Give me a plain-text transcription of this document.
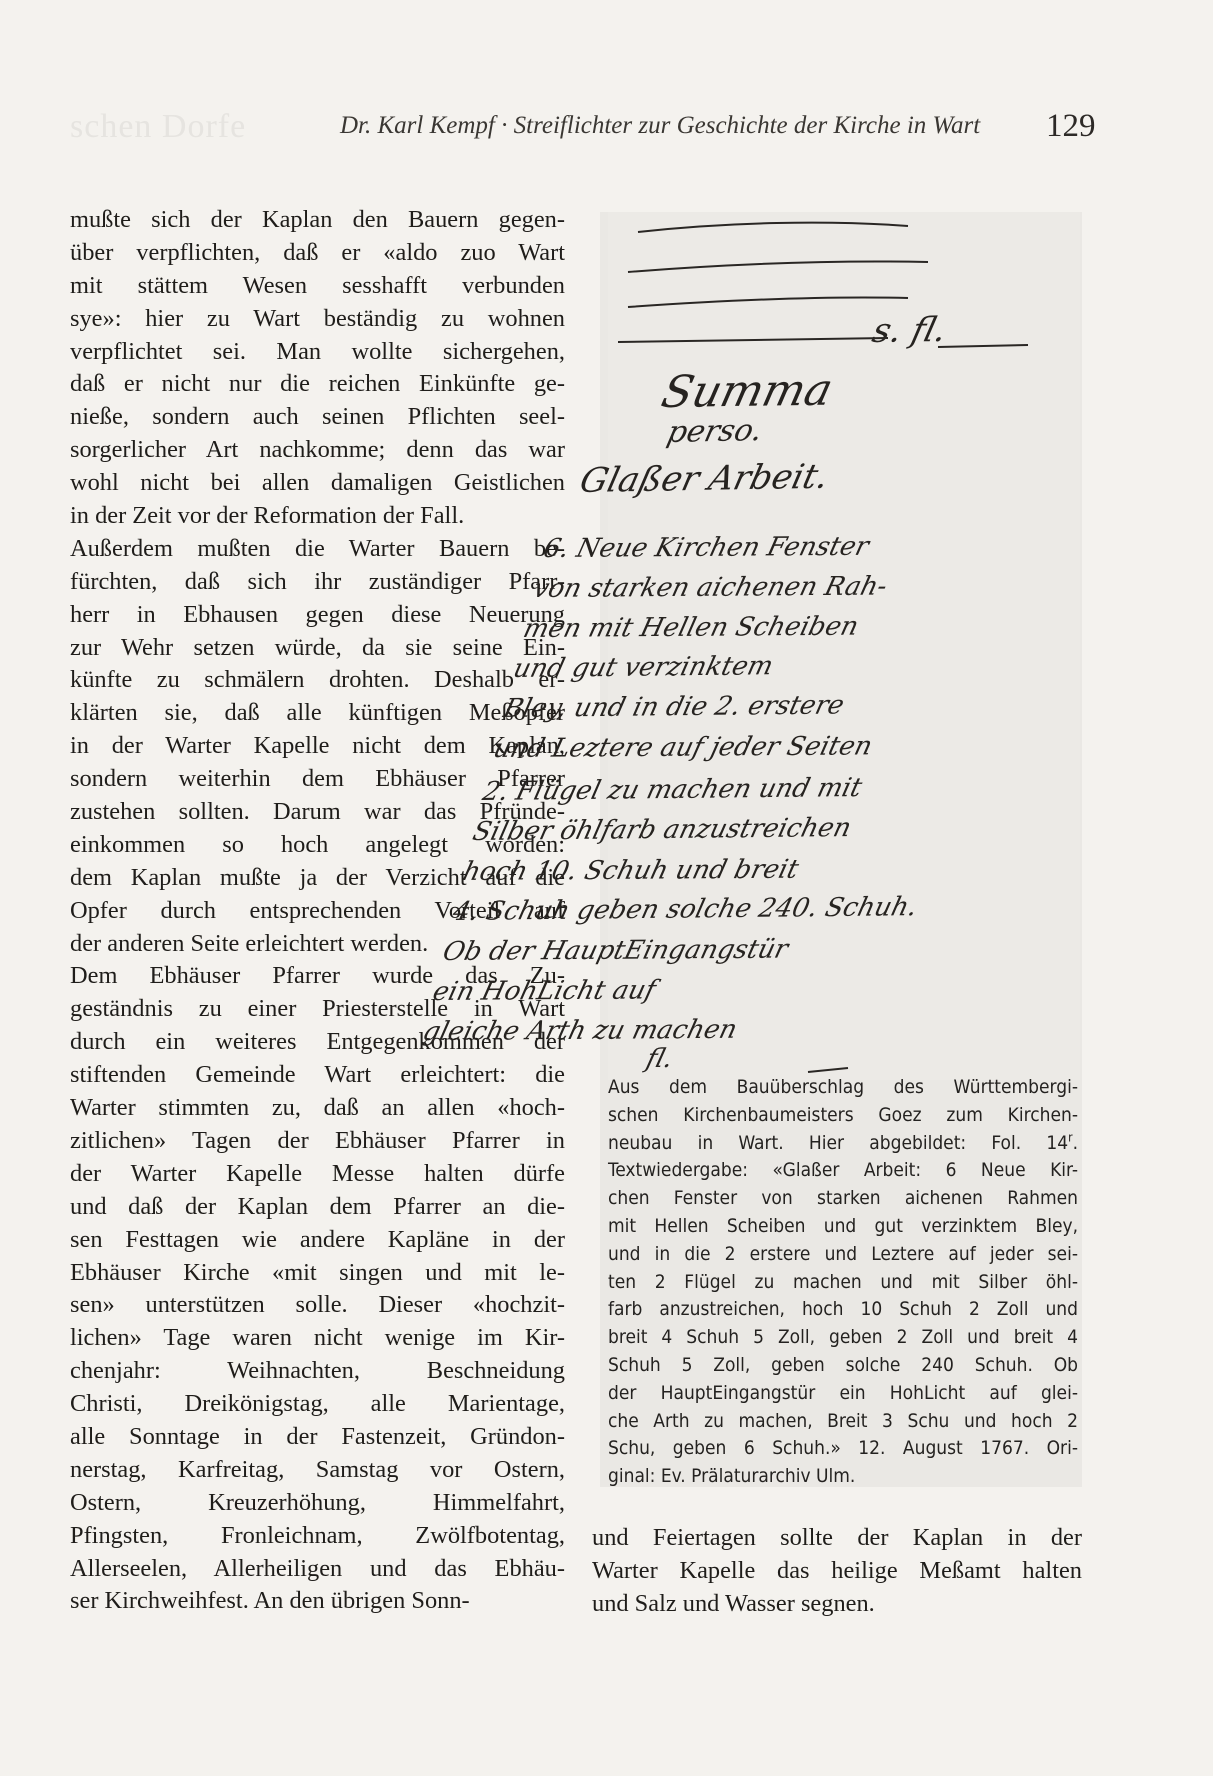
schen Dorfe	Dr. Karl Kempf · Streiflichter zur Geschichte der Kirche in Wart	129
mußte sich der Kaplan den Bauern gegen-
über verpflichten, daß er «aldo zuo Wart
mit stättem Wesen sesshafft verbunden
sye»: hier zu Wart beständig zu wohnen
verpflichtet sei. Man wollte sichergehen,
daß er nicht nur die reichen Einkünfte ge-
nieße, sondern auch seinen Pflichten seel-
sorgerlicher Art nachkomme; denn das war
wohl nicht bei allen damaligen Geistlichen
in der Zeit vor der Reformation der Fall.
Außerdem mußten die Warter Bauern be-
fürchten, daß sich ihr zuständiger Pfarr-
herr in Ebhausen gegen diese Neuerung
zur Wehr setzen würde, da sie seine Ein-
künfte zu schmälern drohten. Deshalb er-
klärten sie, daß alle künftigen Meßopfer
in der Warter Kapelle nicht dem Kaplan,
sondern weiterhin dem Ebhäuser Pfarrer
zustehen sollten. Darum war das Pfründe-
einkommen so hoch angelegt worden:
dem Kaplan mußte ja der Verzicht auf die
Opfer durch entsprechenden Vorteil auf
der anderen Seite erleichtert werden.
Dem Ebhäuser Pfarrer wurde das Zu-
geständnis zu einer Priesterstelle in Wart
durch ein weiteres Entgegenkommen der
stiftenden Gemeinde Wart erleichtert: die
Warter stimmten zu, daß an allen «hoch-
zitlichen» Tagen der Ebhäuser Pfarrer in
der Warter Kapelle Messe halten dürfe
und daß der Kaplan dem Pfarrer an die-
sen Festtagen wie andere Kapläne in der
Ebhäuser Kirche «mit singen und mit le-
sen» unterstützen solle. Dieser «hochzit-
lichen» Tage waren nicht wenige im Kir-
chenjahr: Weihnachten, Beschneidung
Christi, Dreikönigstag, alle Marientage,
alle Sonntage in der Fastenzeit, Gründon-
nerstag, Karfreitag, Samstag vor Ostern,
Ostern, Kreuzerhöhung, Himmelfahrt,
Pfingsten, Fronleichnam, Zwölfbotentag,
Allerseelen, Allerheiligen und das Ebhäu-
ser Kirchweihfest. An den übrigen Sonn-
Summa
perso.
Glaßer Arbeit.
6. Neue Kirchen Fenster
von starken aichenen Rah-
men mit Hellen Scheiben
und gut verzinktem
Bley, und in die 2. erstere
und Leztere auf jeder Seiten
2. Flügel zu machen und mit
Silber öhlfarb anzustreichen
hoch 10. Schuh und breit
4. Schuh geben solche 240. Schuh.
Ob der HauptEingangstür
ein HohLicht auf
gleiche Arth zu machen
s. fl.
fl.
Aus dem Bauüberschlag des Württembergi-
schen Kirchenbaumeisters Goez zum Kirchen-
neubau in Wart. Hier abgebildet: Fol. 14$^r$.
Textwiedergabe: «Glaßer Arbeit: 6 Neue Kir-
chen Fenster von starken aichenen Rahmen
mit Hellen Scheiben und gut verzinktem Bley,
und in die 2 erstere und Leztere auf jeder sei-
ten 2 Flügel zu machen und mit Silber öhl-
farb anzustreichen, hoch 10 Schuh 2 Zoll und
breit 4 Schuh 5 Zoll, geben 2 Zoll und breit 4
Schuh 5 Zoll, geben solche 240 Schuh. Ob
der HauptEingangstür ein HohLicht auf glei-
che Arth zu machen, Breit 3 Schu und hoch 2
Schu, geben 6 Schuh.» 12. August 1767. Ori-
ginal: Ev. Prälaturarchiv Ulm.
und Feiertagen sollte der Kaplan in der
Warter Kapelle das heilige Meßamt halten
und Salz und Wasser segnen.
